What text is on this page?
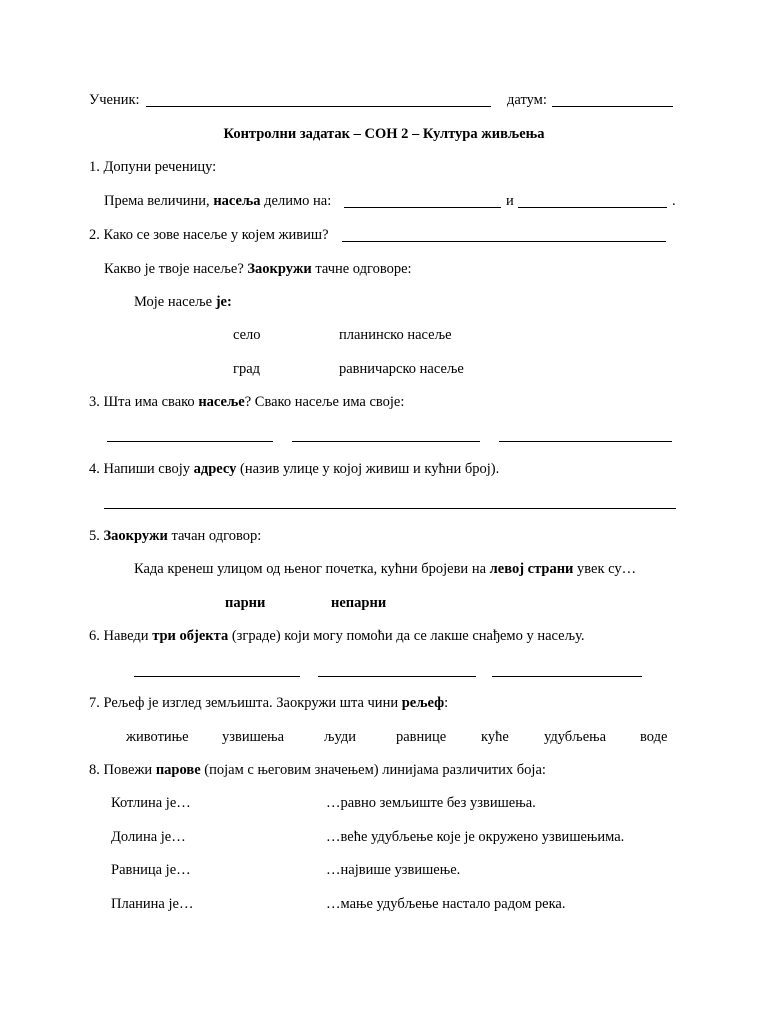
Ученик:	датум:
Контролни задатак – СОН 2 – Култура живљења
1. Допуни реченицу:
Према величини, насеља делимо на:	и	.
2. Како се зове насеље у којем живиш?
Какво је твоје насеље? Заокружи тачне одговоре:
Моје насеље је:
село	планинско насеље
град	равничарско насеље
3. Шта има свако насеље? Свако насеље има своје:
4. Напиши своју адресу (назив улице у којој живиш и кућни број).
5. Заокружи тачан одговор:
Када кренеш улицом од њеног почетка, кућни бројеви на левој страни увек су…
парни	непарни
6. Наведи три објекта (зграде) који могу помоћи да се лакше снађемо у насељу.
7. Рељеф је изглед земљишта. Заокружи шта чини рељеф:
животиње узвишења	људи	равнице куће удубљења воде
8. Повежи парове (појам с његовим значењем) линијама различитих боја:
Котлина је…	…равно земљиште без узвишења.
Долина је…	…веће удубљење које је окружено узвишењима.
Равница је…	…највише узвишење.
Планина је…	…мање удубљење настало радом река.
